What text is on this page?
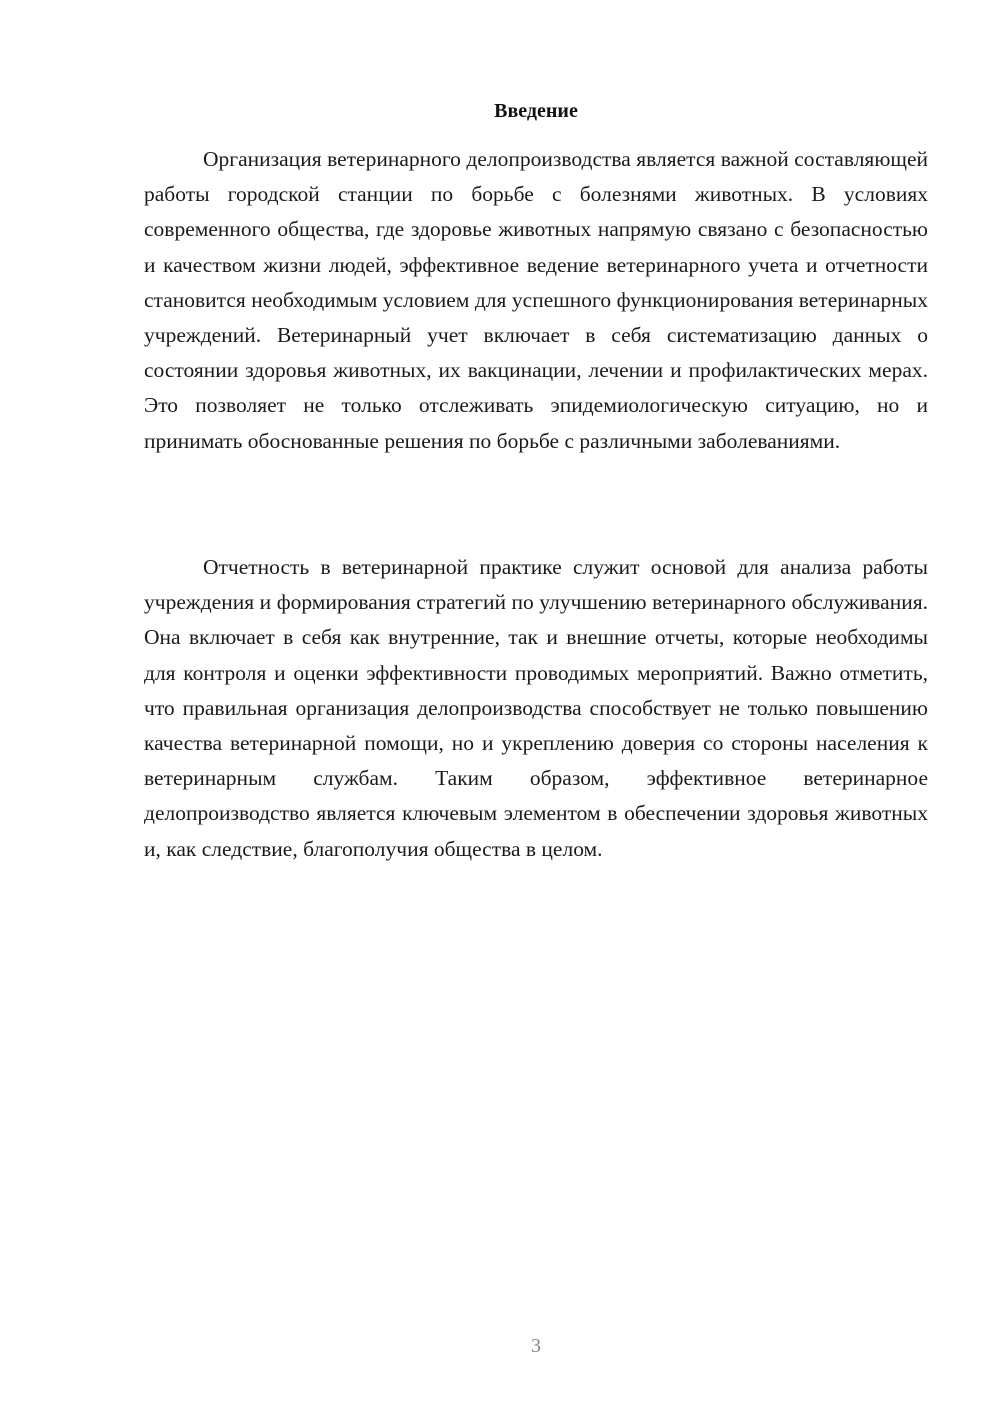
Введение

Организация ветеринарного делопроизводства является важной составляющей работы городской станции по борьбе с болезнями животных. В условиях современного общества, где здоровье животных напрямую связано с безопасностью и качеством жизни людей, эффективное ведение ветеринарного учета и отчетности становится необходимым условием для успешного функционирования ветеринарных учреждений. Ветеринарный учет включает в себя систематизацию данных о состоянии здоровья животных, их вакцинации, лечении и профилактических мерах. Это позволяет не только отслеживать эпидемиологическую ситуацию, но и принимать обоснованные решения по борьбе с различными заболеваниями.

Отчетность в ветеринарной практике служит основой для анализа работы учреждения и формирования стратегий по улучшению ветеринарного обслуживания. Она включает в себя как внутренние, так и внешние отчеты, которые необходимы для контроля и оценки эффективности проводимых мероприятий. Важно отметить, что правильная организация делопроизводства способствует не только повышению качества ветеринарной помощи, но и укреплению доверия со стороны населения к ветеринарным службам. Таким образом, эффективное ветеринарное делопроизводство является ключевым элементом в обеспечении здоровья животных и, как следствие, благополучия общества в целом.

3
